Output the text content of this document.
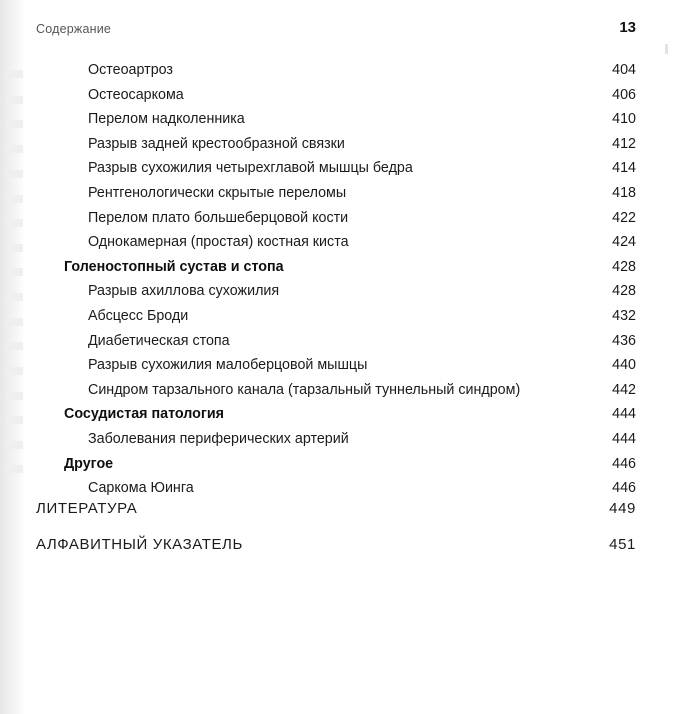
Содержание	13
Остеоартроз	404
Остеосаркома	406
Перелом надколенника	410
Разрыв задней крестообразной связки	412
Разрыв сухожилия четырехглавой мышцы бедра	414
Рентгенологически скрытые переломы	418
Перелом плато большеберцовой кости	422
Однокамерная (простая) костная киста	424
Голеностопный сустав и стопа	428
Разрыв ахиллова сухожилия	428
Абсцесс Броди	432
Диабетическая стопа	436
Разрыв сухожилия малоберцовой мышцы	440
Синдром тарзального канала (тарзальный туннельный синдром)	442
Сосудистая патология	444
Заболевания периферических артерий	444
Другое	446
Саркома Юинга	446
ЛИТЕРАТУРА	449
АЛФАВИТНЫЙ УКАЗАТЕЛЬ	451
